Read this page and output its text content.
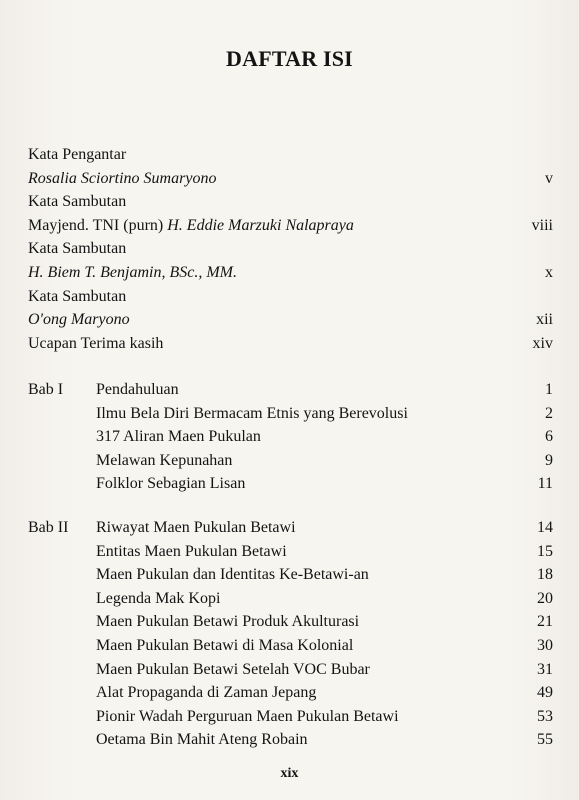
DAFTAR ISI
Kata Pengantar
Rosalia Sciortino Sumaryono	v
Kata Sambutan
Mayjend. TNI (purn) H. Eddie Marzuki Nalapraya	viii
Kata Sambutan
H. Biem T. Benjamin, BSc., MM.	x
Kata Sambutan
O'ong Maryono	xii
Ucapan Terima kasih	xiv
Bab I Pendahuluan	1
Ilmu Bela Diri Bermacam Etnis yang Berevolusi	2
317 Aliran Maen Pukulan	6
Melawan Kepunahan	9
Folklor Sebagian Lisan	11
Bab II Riwayat Maen Pukulan Betawi	14
Entitas Maen Pukulan Betawi	15
Maen Pukulan dan Identitas Ke-Betawi-an	18
Legenda Mak Kopi	20
Maen Pukulan Betawi Produk Akulturasi	21
Maen Pukulan Betawi di Masa Kolonial	30
Maen Pukulan Betawi Setelah VOC Bubar	31
Alat Propaganda di Zaman Jepang	49
Pionir Wadah Perguruan Maen Pukulan Betawi	53
Oetama Bin Mahit Ateng Robain	55
xix
